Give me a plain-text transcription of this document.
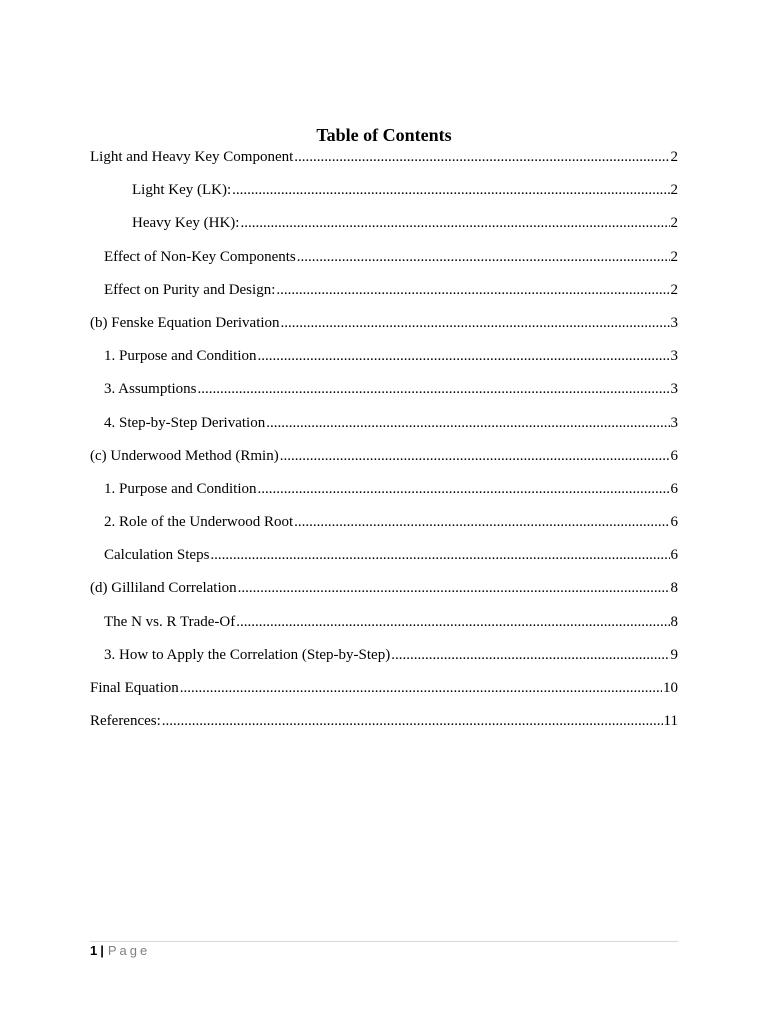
Table of Contents
Light and Heavy Key Component .....	2
Light Key (LK): .....	2
Heavy Key (HK): .....	2
Effect of Non-Key Components .....	2
Effect on Purity and Design: .....	2
(b) Fenske Equation Derivation .....	3
1. Purpose and Condition .....	3
3. Assumptions .....	3
4. Step-by-Step Derivation .....	3
(c) Underwood Method (Rmin) .....	6
1. Purpose and Condition .....	6
2. Role of the Underwood Root .....	6
Calculation Steps .....	6
(d) Gilliland Correlation .....	8
The N vs. R Trade-Of .....	8
3. How to Apply the Correlation (Step-by-Step) .....	9
Final Equation .....	10
References: .....	11
1 | Page
